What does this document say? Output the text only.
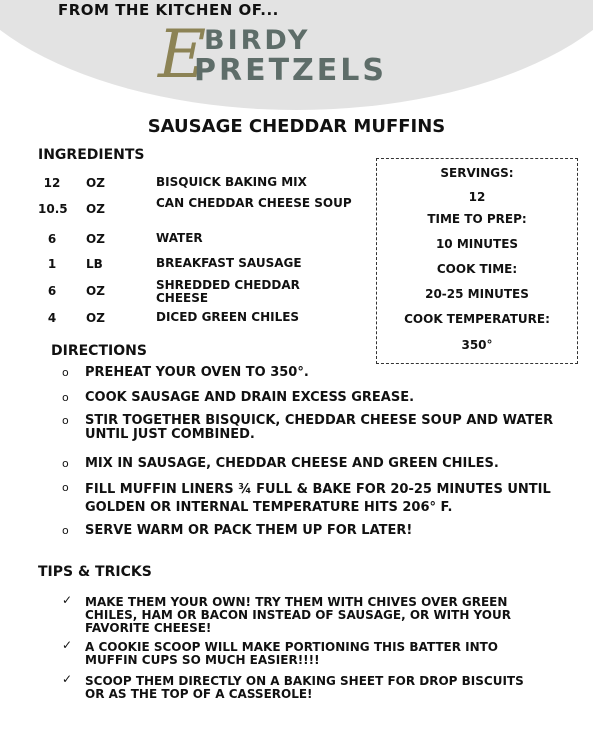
FROM THE KITCHEN OF...
E
BIRDY
PRETZELS
SAUSAGE CHEDDAR MUFFINS
INGREDIENTS
12	OZ	BISQUICK BAKING MIX
10.5 OZ	CAN CHEDDAR CHEESE SOUP
6	OZ	WATER
1	LB	BREAKFAST SAUSAGE
6	OZ	SHREDDED CHEDDAR CHEESE
4	OZ	DICED GREEN CHILES
SERVINGS:
12
TIME TO PREP:
10 MINUTES
COOK TIME:
20-25 MINUTES
COOK TEMPERATURE:
350°
DIRECTIONS
o PREHEAT YOUR OVEN TO 350°.
o COOK SAUSAGE AND DRAIN EXCESS GREASE.
o STIR TOGETHER BISQUICK, CHEDDAR CHEESE SOUP AND WATER UNTIL JUST COMBINED.
o MIX IN SAUSAGE, CHEDDAR CHEESE AND GREEN CHILES.
o FILL MUFFIN LINERS ¾ FULL & BAKE FOR 20-25 MINUTES UNTIL GOLDEN OR INTERNAL TEMPERATURE HITS 206° F.
o SERVE WARM OR PACK THEM UP FOR LATER!
TIPS & TRICKS
✓ MAKE THEM YOUR OWN! TRY THEM WITH CHIVES OVER GREEN CHILES, HAM OR BACON INSTEAD OF SAUSAGE, OR WITH YOUR FAVORITE CHEESE!
✓ A COOKIE SCOOP WILL MAKE PORTIONING THIS BATTER INTO MUFFIN CUPS SO MUCH EASIER!!!!
✓ SCOOP THEM DIRECTLY ON A BAKING SHEET FOR DROP BISCUITS OR AS THE TOP OF A CASSEROLE!
